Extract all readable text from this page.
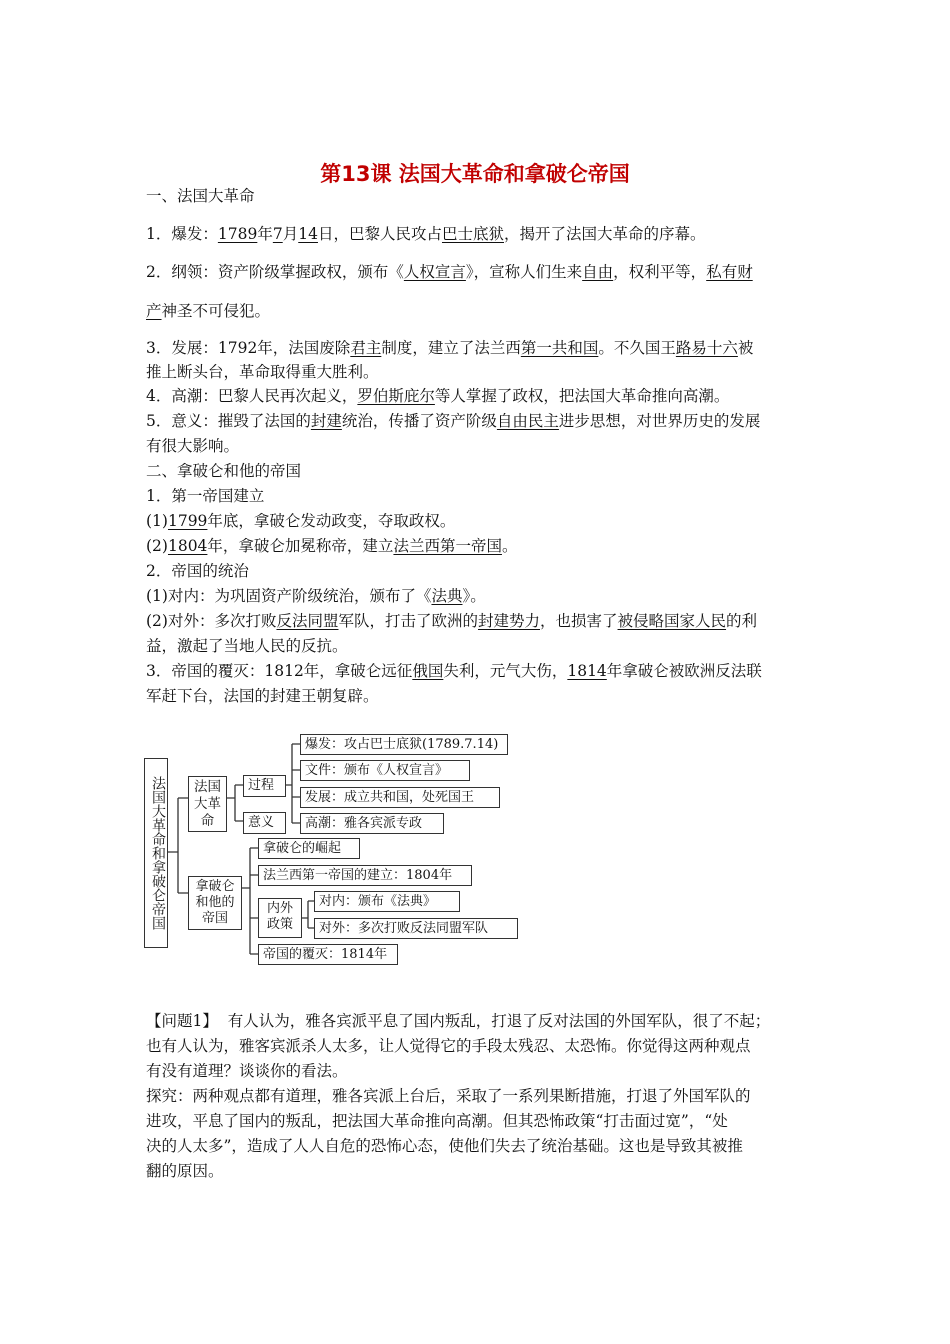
第13课 法国大革命和拿破仑帝国
一、法国大革命
1．爆发：1789年7月14日，巴黎人民攻占巴士底狱，揭开了法国大革命的序幕。
2．纲领：资产阶级掌握政权，颁布《人权宣言》，宣称人们生来自由，权利平等，私有财
产神圣不可侵犯。
3．发展：1792年，法国废除君主制度，建立了法兰西第一共和国。不久国王路易十六被
推上断头台，革命取得重大胜利。
4．高潮：巴黎人民再次起义，罗伯斯庇尔等人掌握了政权，把法国大革命推向高潮。
5．意义：摧毁了法国的封建统治，传播了资产阶级自由民主进步思想，对世界历史的发展
有很大影响。
二、拿破仑和他的帝国
1．第一帝国建立
(1)1799年底，拿破仑发动政变，夺取政权。
(2)1804年，拿破仑加冕称帝，建立法兰西第一帝国。
2．帝国的统治
(1)对内：为巩固资产阶级统治，颁布了《法典》。
(2)对外：多次打败反法同盟军队，打击了欧洲的封建势力，也损害了被侵略国家人民的利
益，激起了当地人民的反抗。
3．帝国的覆灭：1812年，拿破仑远征俄国失利，元气大伤，1814年拿破仑被欧洲反法联
军赶下台，法国的封建王朝复辟。
法国大革命和拿破仑帝国	法国大革命
过程
意义
爆发：攻占巴士底狱(1789.7.14)
文件：颁布《人权宣言》
发展：成立共和国，处死国王
高潮：雅各宾派专政
拿破仑和他的帝国
拿破仑的崛起
法兰西第一帝国的建立：1804年
内外政策
对内：颁布《法典》
对外：多次打败反法同盟军队
帝国的覆灭：1814年
【问题1】 有人认为，雅各宾派平息了国内叛乱，打退了反对法国的外国军队，很了不起；
也有人认为，雅客宾派杀人太多，让人觉得它的手段太残忍、太恐怖。你觉得这两种观点
有没有道理？谈谈你的看法。
探究：两种观点都有道理，雅各宾派上台后，采取了一系列果断措施，打退了外国军队的
进攻，平息了国内的叛乱，把法国大革命推向高潮。但其恐怖政策“打击面过宽”，“处
决的人太多”，造成了人人自危的恐怖心态，使他们失去了统治基础。这也是导致其被推
翻的原因。
